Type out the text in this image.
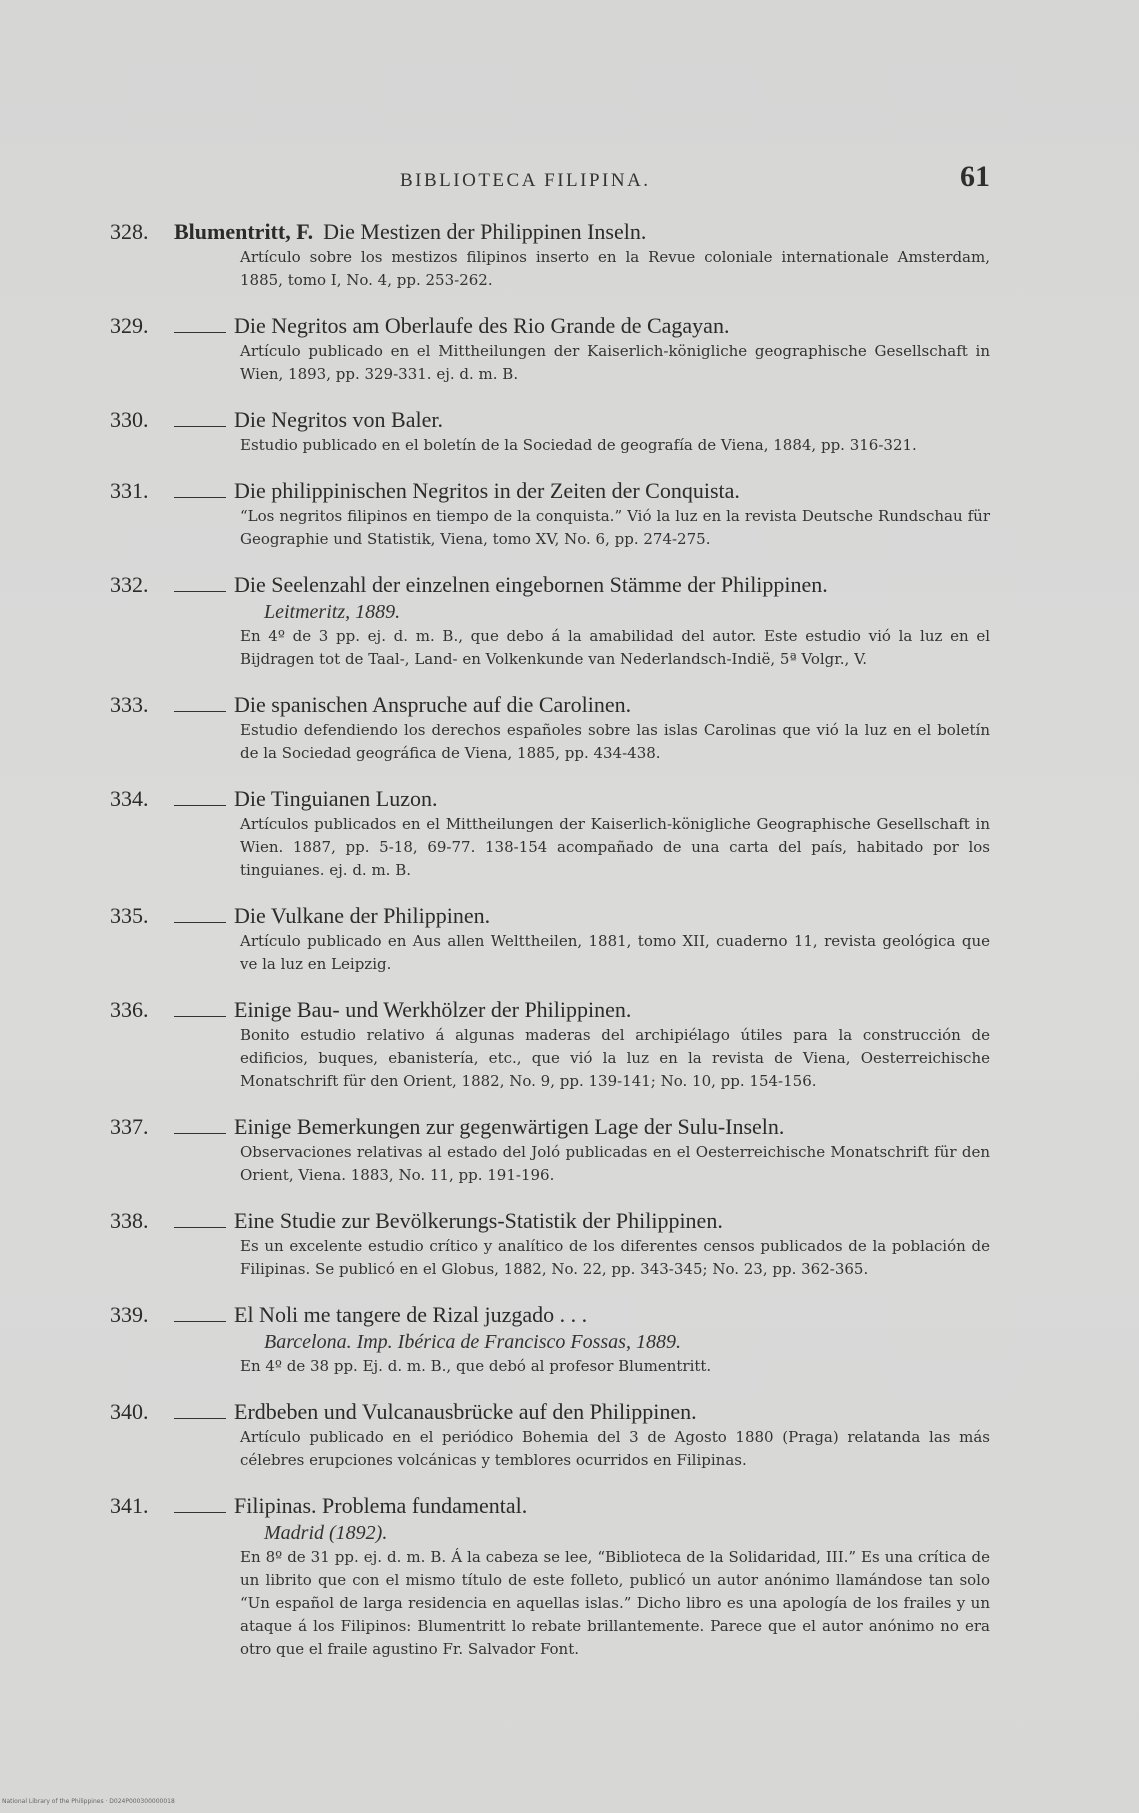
BIBLIOTECA FILIPINA.	61
328.	Blumentritt, F. Die Mestizen der Philippinen Inseln.
Artículo sobre los mestizos filipinos inserto en la Revue coloniale internationale Amsterdam, 1885, tomo I, No. 4, pp. 253-262.
329.	Die Negritos am Oberlaufe des Rio Grande de Cagayan.
Artículo publicado en el Mittheilungen der Kaiserlich-königliche geographische Gesellschaft in Wien, 1893, pp. 329-331. ej. d. m. B.
330.	Die Negritos von Baler.
Estudio publicado en el boletín de la Sociedad de geografía de Viena, 1884, pp. 316-321.
331.	Die philippinischen Negritos in der Zeiten der Conquista.
“Los negritos filipinos en tiempo de la conquista.” Vió la luz en la revista Deutsche Rundschau für Geographie und Statistik, Viena, tomo XV, No. 6, pp. 274-275.
332.	Die Seelenzahl der einzelnen eingebornen Stämme der Philippinen.
Leitmeritz, 1889.
En 4º de 3 pp. ej. d. m. B., que debo á la amabilidad del autor. Este estudio vió la luz en el Bijdragen tot de Taal-, Land- en Volkenkunde van Nederlandsch-Indië, 5ª Volgr., V.
333.	Die spanischen Anspruche auf die Carolinen.
Estudio defendiendo los derechos españoles sobre las islas Carolinas que vió la luz en el boletín de la Sociedad geográfica de Viena, 1885, pp. 434-438.
334.	Die Tinguianen Luzon.
Artículos publicados en el Mittheilungen der Kaiserlich-königliche Geographische Gesellschaft in Wien. 1887, pp. 5-18, 69-77. 138-154 acompañado de una carta del país, habitado por los tinguianes. ej. d. m. B.
335.	Die Vulkane der Philippinen.
Artículo publicado en Aus allen Welttheilen, 1881, tomo XII, cuaderno 11, revista geológica que ve la luz en Leipzig.
336.	Einige Bau- und Werkhölzer der Philippinen.
Bonito estudio relativo á algunas maderas del archipiélago útiles para la construcción de edificios, buques, ebanistería, etc., que vió la luz en la revista de Viena, Oesterreichische Monatschrift für den Orient, 1882, No. 9, pp. 139-141; No. 10, pp. 154-156.
337.	Einige Bemerkungen zur gegenwärtigen Lage der Sulu-Inseln.
Observaciones relativas al estado del Joló publicadas en el Oesterreichische Monatschrift für den Orient, Viena. 1883, No. 11, pp. 191-196.
338.	Eine Studie zur Bevölkerungs-Statistik der Philippinen.
Es un excelente estudio crítico y analítico de los diferentes censos publicados de la población de Filipinas. Se publicó en el Globus, 1882, No. 22, pp. 343-345; No. 23, pp. 362-365.
339.	El Noli me tangere de Rizal juzgado . . .
Barcelona. Imp. Ibérica de Francisco Fossas, 1889.
En 4º de 38 pp. Ej. d. m. B., que debó al profesor Blumentritt.
340.	Erdbeben und Vulcanausbrücke auf den Philippinen.
Artículo publicado en el periódico Bohemia del 3 de Agosto 1880 (Praga) relatanda las más célebres erupciones volcánicas y temblores ocurridos en Filipinas.
341.	Filipinas. Problema fundamental.
Madrid (1892).
En 8º de 31 pp. ej. d. m. B. Á la cabeza se lee, “Biblioteca de la Solidaridad, III.” Es una crítica de un librito que con el mismo título de este folleto, publicó un autor anónimo llamándose tan solo “Un español de larga residencia en aquellas islas.” Dicho libro es una apología de los frailes y un ataque á los Filipinos: Blumentritt lo rebate brillantemente. Parece que el autor anónimo no era otro que el fraile agustino Fr. Salvador Font.
National Library of the Philippines · D024P000300000018
